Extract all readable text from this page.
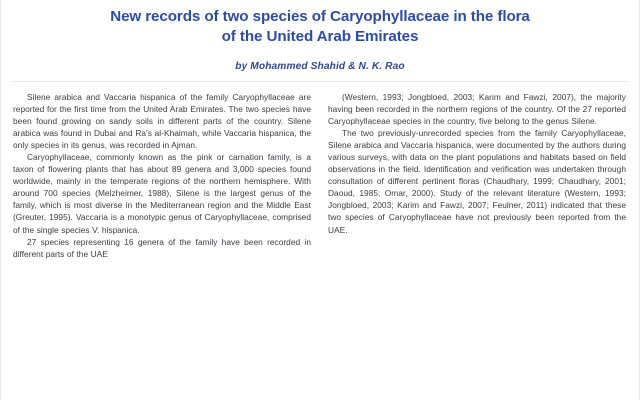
New records of two species of Caryophyllaceae in the flora
of the United Arab Emirates
by Mohammed Shahid & N. K. Rao

Silene arabica and Vaccaria hispanica of the family Caryophyllaceae are reported for the first time from the United Arab Emirates. The two species have been found growing on sandy soils in different parts of the country. Silene arabica was found in Dubai and Ra's al-Khaimah, while Vaccaria hispanica, the only species in its genus, was recorded in Ajman.

Caryophyllaceae, commonly known as the pink or carnation family, is a taxon of flowering plants that has about 89 genera and 3,000 species found worldwide, mainly in the temperate regions of the northern hemisphere. With around 700 species (Melzheimer, 1988), Silene is the largest genus of the family, which is most diverse in the Mediterranean region and the Middle East (Greuter, 1995). Vaccaria is a monotypic genus of Caryophyllaceae, comprised of the single species V. hispanica.

27 species representing 16 genera of the family have been recorded in different parts of the UAE

(Western, 1993; Jongbloed, 2003; Karim and Fawzi, 2007), the majority having been recorded in the northern regions of the country. Of the 27 reported Caryophyllaceae species in the country, five belong to the genus Silene.

The two previously-unrecorded species from the family Caryophyllaceae, Silene arabica and Vaccaria hispanica, were documented by the authors during various surveys, with data on the plant populations and habitats based on field observations in the field. Identification and verification was undertaken through consultation of different pertinent floras (Chaudhary, 1999; Chaudhary, 2001; Daoud, 1985; Omar, 2000). Study of the relevant literature (Western, 1993; Jongbloed, 2003; Karim and Fawzi, 2007; Feulner, 2011) indicated that these two species of Caryophyllaceae have not previously been reported from the UAE.
